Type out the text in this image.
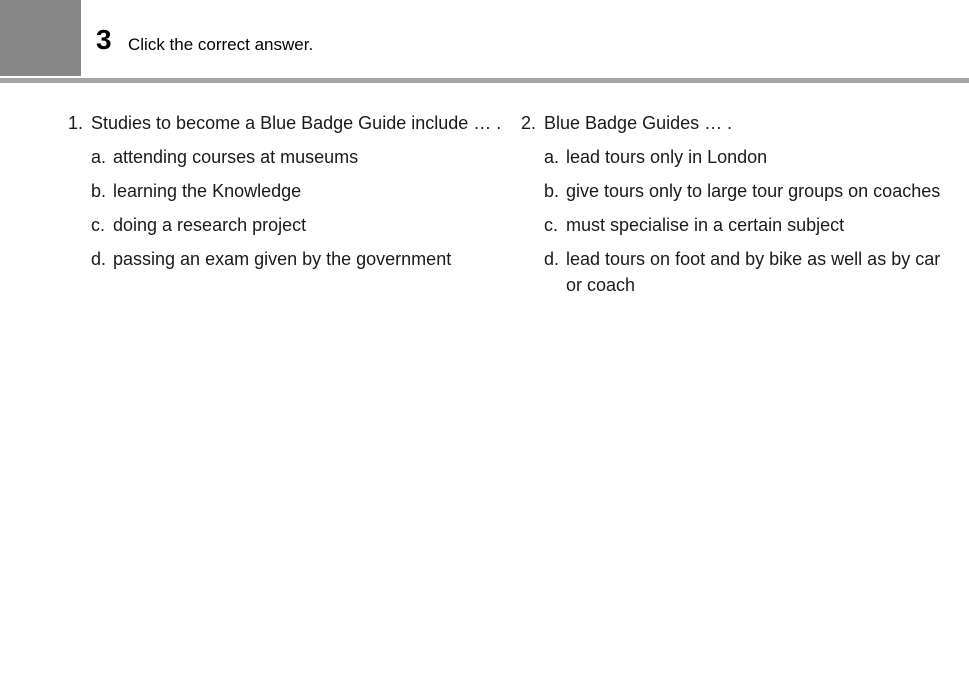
3 Click the correct answer.
1. Studies to become a Blue Badge Guide include … .
a. attending courses at museums
b. learning the Knowledge
c. doing a research project
d. passing an exam given by the government
2. Blue Badge Guides … .
a. lead tours only in London
b. give tours only to large tour groups on coaches
c. must specialise in a certain subject
d. lead tours on foot and by bike as well as by car or coach
